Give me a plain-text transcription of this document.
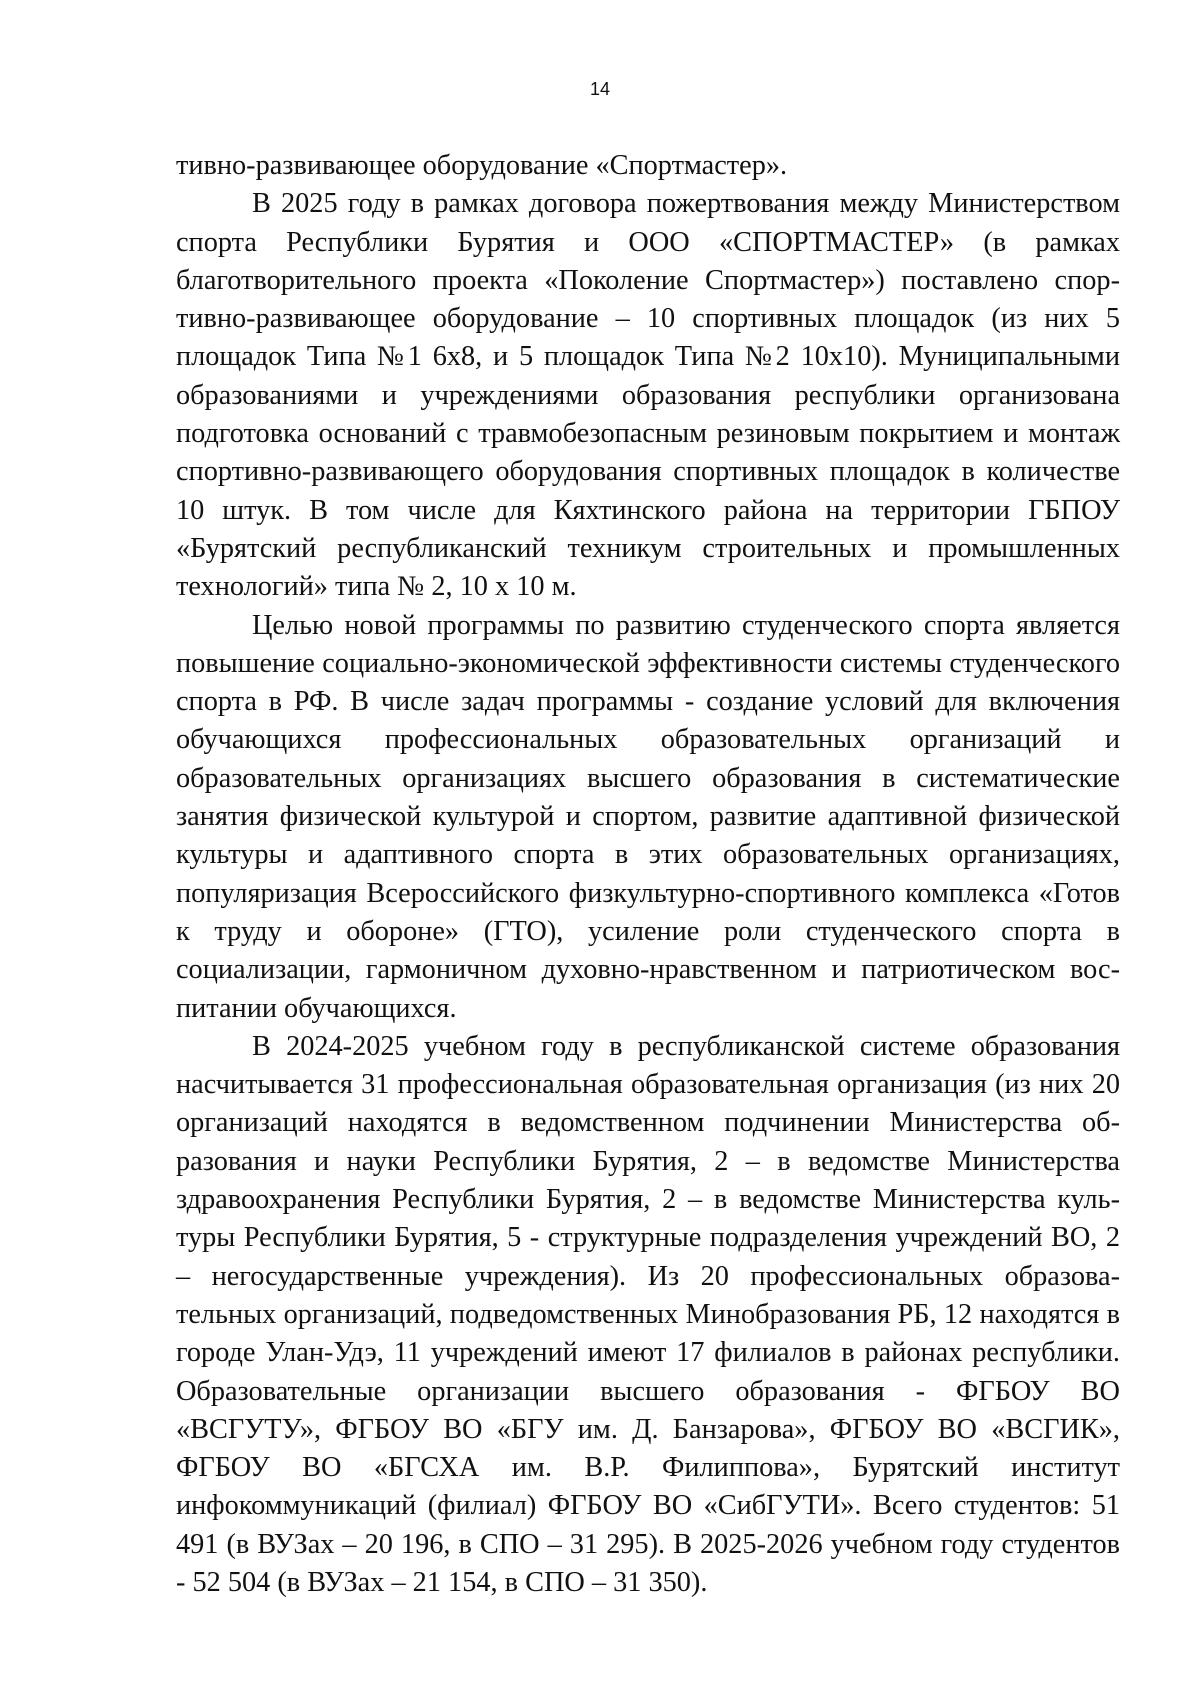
14

тивно-развивающее оборудование «Спортмастер».

В 2025 году в рамках договора пожертвования между Министерством спорта Республики Бурятия и ООО «СПОРТМАСТЕР» (в рамках благотворительного проекта «Поколение Спортмастер») поставлено спортивно-развивающее оборудование – 10 спортивных площадок (из них 5 площадок Типа №1 6х8, и 5 площадок Типа №2 10х10). Муниципальными образованиями и учреждениями образования республики организована подготовка оснований с травмобезопасным резиновым покрытием и монтаж спортивно-развивающего оборудования спортивных площадок в количестве 10 штук. В том числе для Кяхтинского района на территории ГБПОУ «Бурятский республиканский техникум строительных и промышленных технологий» типа № 2, 10 х 10 м.

Целью новой программы по развитию студенческого спорта является повышение социально-экономической эффективности системы студенческого спорта в РФ. В числе задач программы - создание условий для включения обучающихся профессиональных образовательных организаций и образовательных организациях высшего образования в систематические занятия физической культурой и спортом, развитие адаптивной физической культуры и адаптивного спорта в этих образовательных организациях, популяризация Всероссийского физкультурно-спортивного комплекса «Готов к труду и обороне» (ГТО), усиление роли студенческого спорта в социализации, гармоничном духовно-нравственном и патриотическом воспитании обучающихся.

В 2024-2025 учебном году в республиканской системе образования насчитывается 31 профессиональная образовательная организация (из них 20 организаций находятся в ведомственном подчинении Министерства образования и науки Республики Бурятия, 2 – в ведомстве Министерства здравоохранения Республики Бурятия, 2 – в ведомстве Министерства культуры Республики Бурятия, 5 - структурные подразделения учреждений ВО, 2 – негосударственные учреждения). Из 20 профессиональных образовательных организаций, подведомственных Минобразования РБ, 12 находятся в городе Улан-Удэ, 11 учреждений имеют 17 филиалов в районах республики. Образовательные организации высшего образования - ФГБОУ ВО «ВСГУТУ», ФГБОУ ВО «БГУ им. Д. Банзарова», ФГБОУ ВО «ВСГИК», ФГБОУ ВО «БГСХА им. В.Р. Филиппова», Бурятский институт инфокоммуникаций (филиал) ФГБОУ ВО «СибГУТИ». Всего студентов: 51 491 (в ВУЗах – 20 196, в СПО – 31 295). В 2025-2026 учебном году студентов - 52 504 (в ВУЗах – 21 154, в СПО – 31 350).
